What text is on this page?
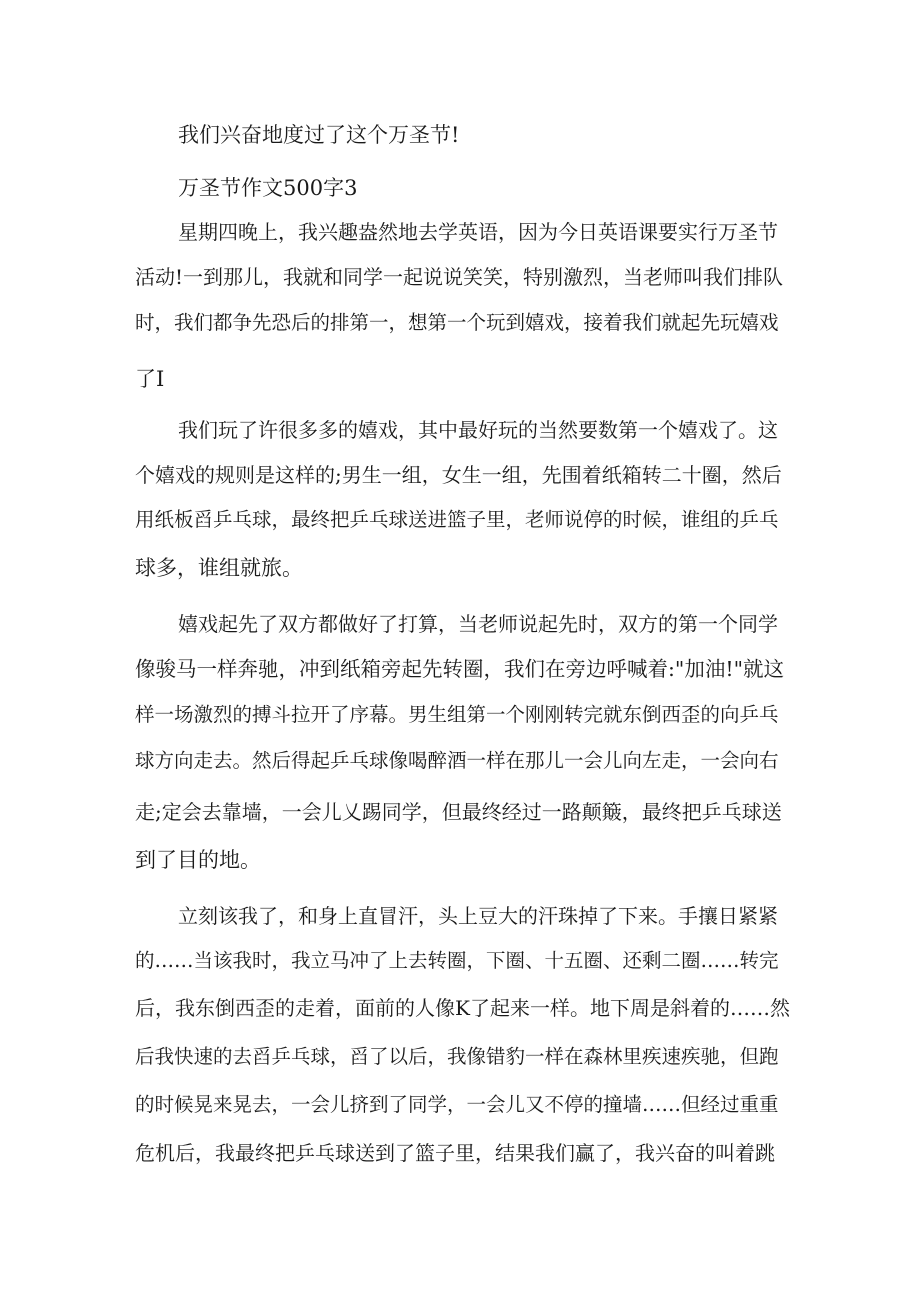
我们兴奋地度过了这个万圣节!

万圣节作文500字3

星期四晚上，我兴趣盎然地去学英语，因为今日英语课要实行万圣节

活动!一到那儿，我就和同学一起说说笑笑，特别激烈，当老师叫我们排队

时，我们都争先恐后的排第一，想第一个玩到嬉戏，接着我们就起先玩嬉戏

了I

我们玩了许很多多的嬉戏，其中最好玩的当然要数第一个嬉戏了。这

个嬉戏的规则是这样的;男生一组，女生一组，先围着纸箱转二十圈，然后

用纸板舀乒乓球，最终把乒乓球送进篮子里，老师说停的时候，谁组的乒乓

球多，谁组就旅。

嬉戏起先了双方都做好了打算，当老师说起先时，双方的第一个同学

像骏马一样奔驰，冲到纸箱旁起先转圈，我们在旁边呼喊着:"加油!"就这

样一场激烈的搏斗拉开了序幕。男生组第一个刚刚转完就东倒西歪的向乒乓

球方向走去。然后得起乒乓球像喝醉酒一样在那儿一会儿向左走，一会向右

走;定会去靠墙，一会儿乂踢同学，但最终经过一路颠簸，最终把乒乓球送

到了目的地。

立刻该我了，和身上直冒汗，头上豆大的汗珠掉了下来。手攘日紧紧

的……当该我时，我立马冲了上去转圈，下圈、十五圈、还剩二圈……转完

后，我东倒西歪的走着，面前的人像K了起来一样。地下周是斜着的……然

后我快速的去舀乒乓球，舀了以后，我像错豹一样在森林里疾速疾驰，但跑

的时候晃来晃去，一会儿挤到了同学，一会儿又不停的撞墙……但经过重重

危机后，我最终把乒乓球送到了篮子里，结果我们赢了，我兴奋的叫着跳
